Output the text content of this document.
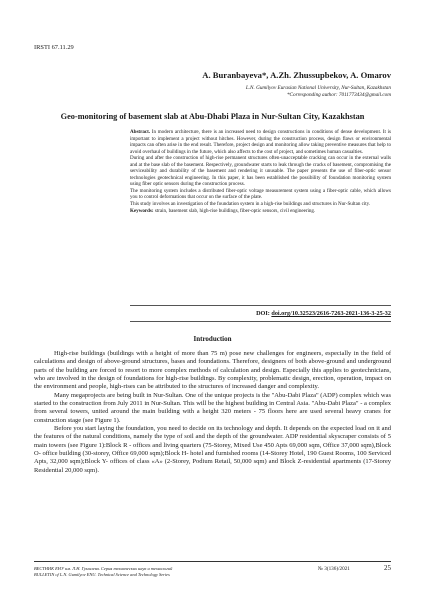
IRSTI 67.11.29
A. Buranbayeva*, A.Zh. Zhussupbekov, A. Omarov
L.N. Gumilyov Eurasian National University, Nur-Sultan, Kazakhstan
*Corresponding author: 7011773434@gmail.com
Geo-monitoring of basement slab at Abu-Dhabi Plaza in Nur-Sultan City, Kazakhstan

Abstract. In modern architecture, there is an increased need to design constructions in conditions of dense development. It is important to implement a project without hitches. However, during the construction process, design flaws or environmental impacts can often arise in the end result. Therefore, project design and monitoring allow taking preventive measures that help to avoid overhaul of buildings in the future, which also affects to the cost of project, and sometimes human casualties.

During and after the construction of high-rise permanent structures often-unacceptable cracking can occur in the external walls and at the base slab of the basement. Respectively, groundwater starts to leak through the cracks of basement, compromising the serviceability and durability of the basement and rendering it unusable. The paper presents the use of fiber-optic sensor technologies geotechnical engineering. In this paper, it has been established the possibility of foundation monitoring system using fiber optic sensors during the construction process.

The monitoring system includes a distributed fiber-optic voltage measurement system using a fiber-optic cable, which allows you to control deformations that occur on the surface of the plate.

This study involves an investigation of the foundation system in a high-rise buildings and structures in Nur-Sultan city.

Keywords: strain, basement slab, high-rise buildings, fiber-optic sensors, civil engineering.

DOI: doi.org/10.32523/2616-7263-2021-136-3-25-32
Introduction

High-rise buildings (buildings with a height of more than 75 m) pose new challenges for engineers, especially in the field of calculations and design of above-ground structures, bases and foundations. Therefore, designers of both above-ground and underground parts of the building are forced to resort to more complex methods of calculation and design. Especially this applies to geotechnicians, who are involved in the design of foundations for high-rise buildings. By complexity, problematic design, erection, operation, impact on the environment and people, high-rises can be attributed to the structures of increased danger and complexity.

Many megaprojects are being built in Nur-Sultan. One of the unique projects is the "Abu-Dabi Plaza" (ADP) complex which was started to the construction from July 2011 in Nur-Sultan. This will be the highest building in Central Asia. "Abu-Dabi Plaza" - a complex from several towers, united around the main building with a height 320 meters - 75 floors here are used several heavy cranes for construction stage (see Figure 1).

Before you start laying the foundation, you need to decide on its technology and depth. It depends on the expected load on it and the features of the natural conditions, namely the type of soil and the depth of the groundwater. ADP residential skyscraper consists of 5 main towers (see Figure 1):Block R - offices and living quarters (75-Storey, Mixed Use 450 Apts 69,000 sqm, Office 37,000 sqm),Block O- office building (30-storey, Office 69,000 sqm);Block H- hotel and furnished rooms (14-Storey Hotel, 190 Guest Rooms, 100 Serviced Apts, 32,000 sqm);Block Y- offices of class «A» (2-Storey, Podium Retail, 50,000 sqm) and Block Z-residential apartments (17-Storey Residential 20,000 sqm).

ВЕСТНИК ЕНУ им. Л.Н. Гумилева. Серия технических наук и технологий
BULLETIN of L.N. Gumilyov ENU. Technical Science and Technology Series
№ 3(136)/2021	25
